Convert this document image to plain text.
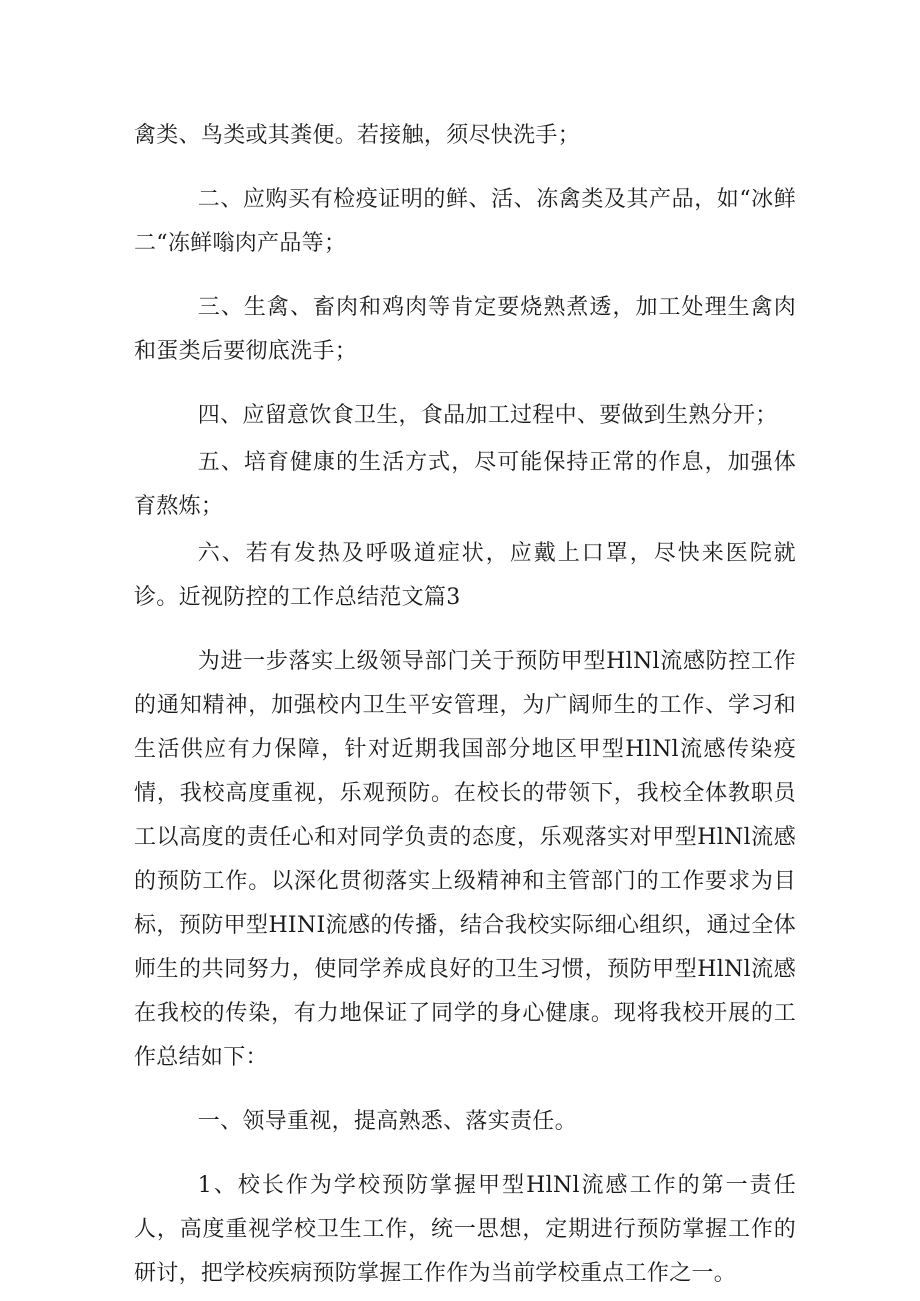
禽类、鸟类或其粪便。若接触，须尽快洗手；

二、应购买有检疫证明的鲜、活、冻禽类及其产品，如“冰鲜二“冻鲜嗡肉产品等；

三、生禽、畜肉和鸡肉等肯定要烧熟煮透，加工处理生禽肉和蛋类后要彻底洗手；

四、应留意饮食卫生，食品加工过程中、要做到生熟分开；

五、培育健康的生活方式，尽可能保持正常的作息，加强体育熬炼；

六、若有发热及呼吸道症状，应戴上口罩，尽快来医院就诊。近视防控的工作总结范文篇3

为进一步落实上级领导部门关于预防甲型HlNl流感防控工作的通知精神，加强校内卫生平安管理，为广阔师生的工作、学习和生活供应有力保障，针对近期我国部分地区甲型HlNl流感传染疫情，我校高度重视，乐观预防。在校长的带领下，我校全体教职员工以高度的责任心和对同学负责的态度，乐观落实对甲型HlNl流感的预防工作。以深化贯彻落实上级精神和主管部门的工作要求为目标，预防甲型HINI流感的传播，结合我校实际细心组织，通过全体师生的共同努力，使同学养成良好的卫生习惯，预防甲型HlNl流感在我校的传染，有力地保证了同学的身心健康。现将我校开展的工作总结如下：

一、领导重视，提高熟悉、落实责任。

1、校长作为学校预防掌握甲型HlNl流感工作的第一责任人，高度重视学校卫生工作，统一思想，定期进行预防掌握工作的研讨，把学校疾病预防掌握工作作为当前学校重点工作之一。
